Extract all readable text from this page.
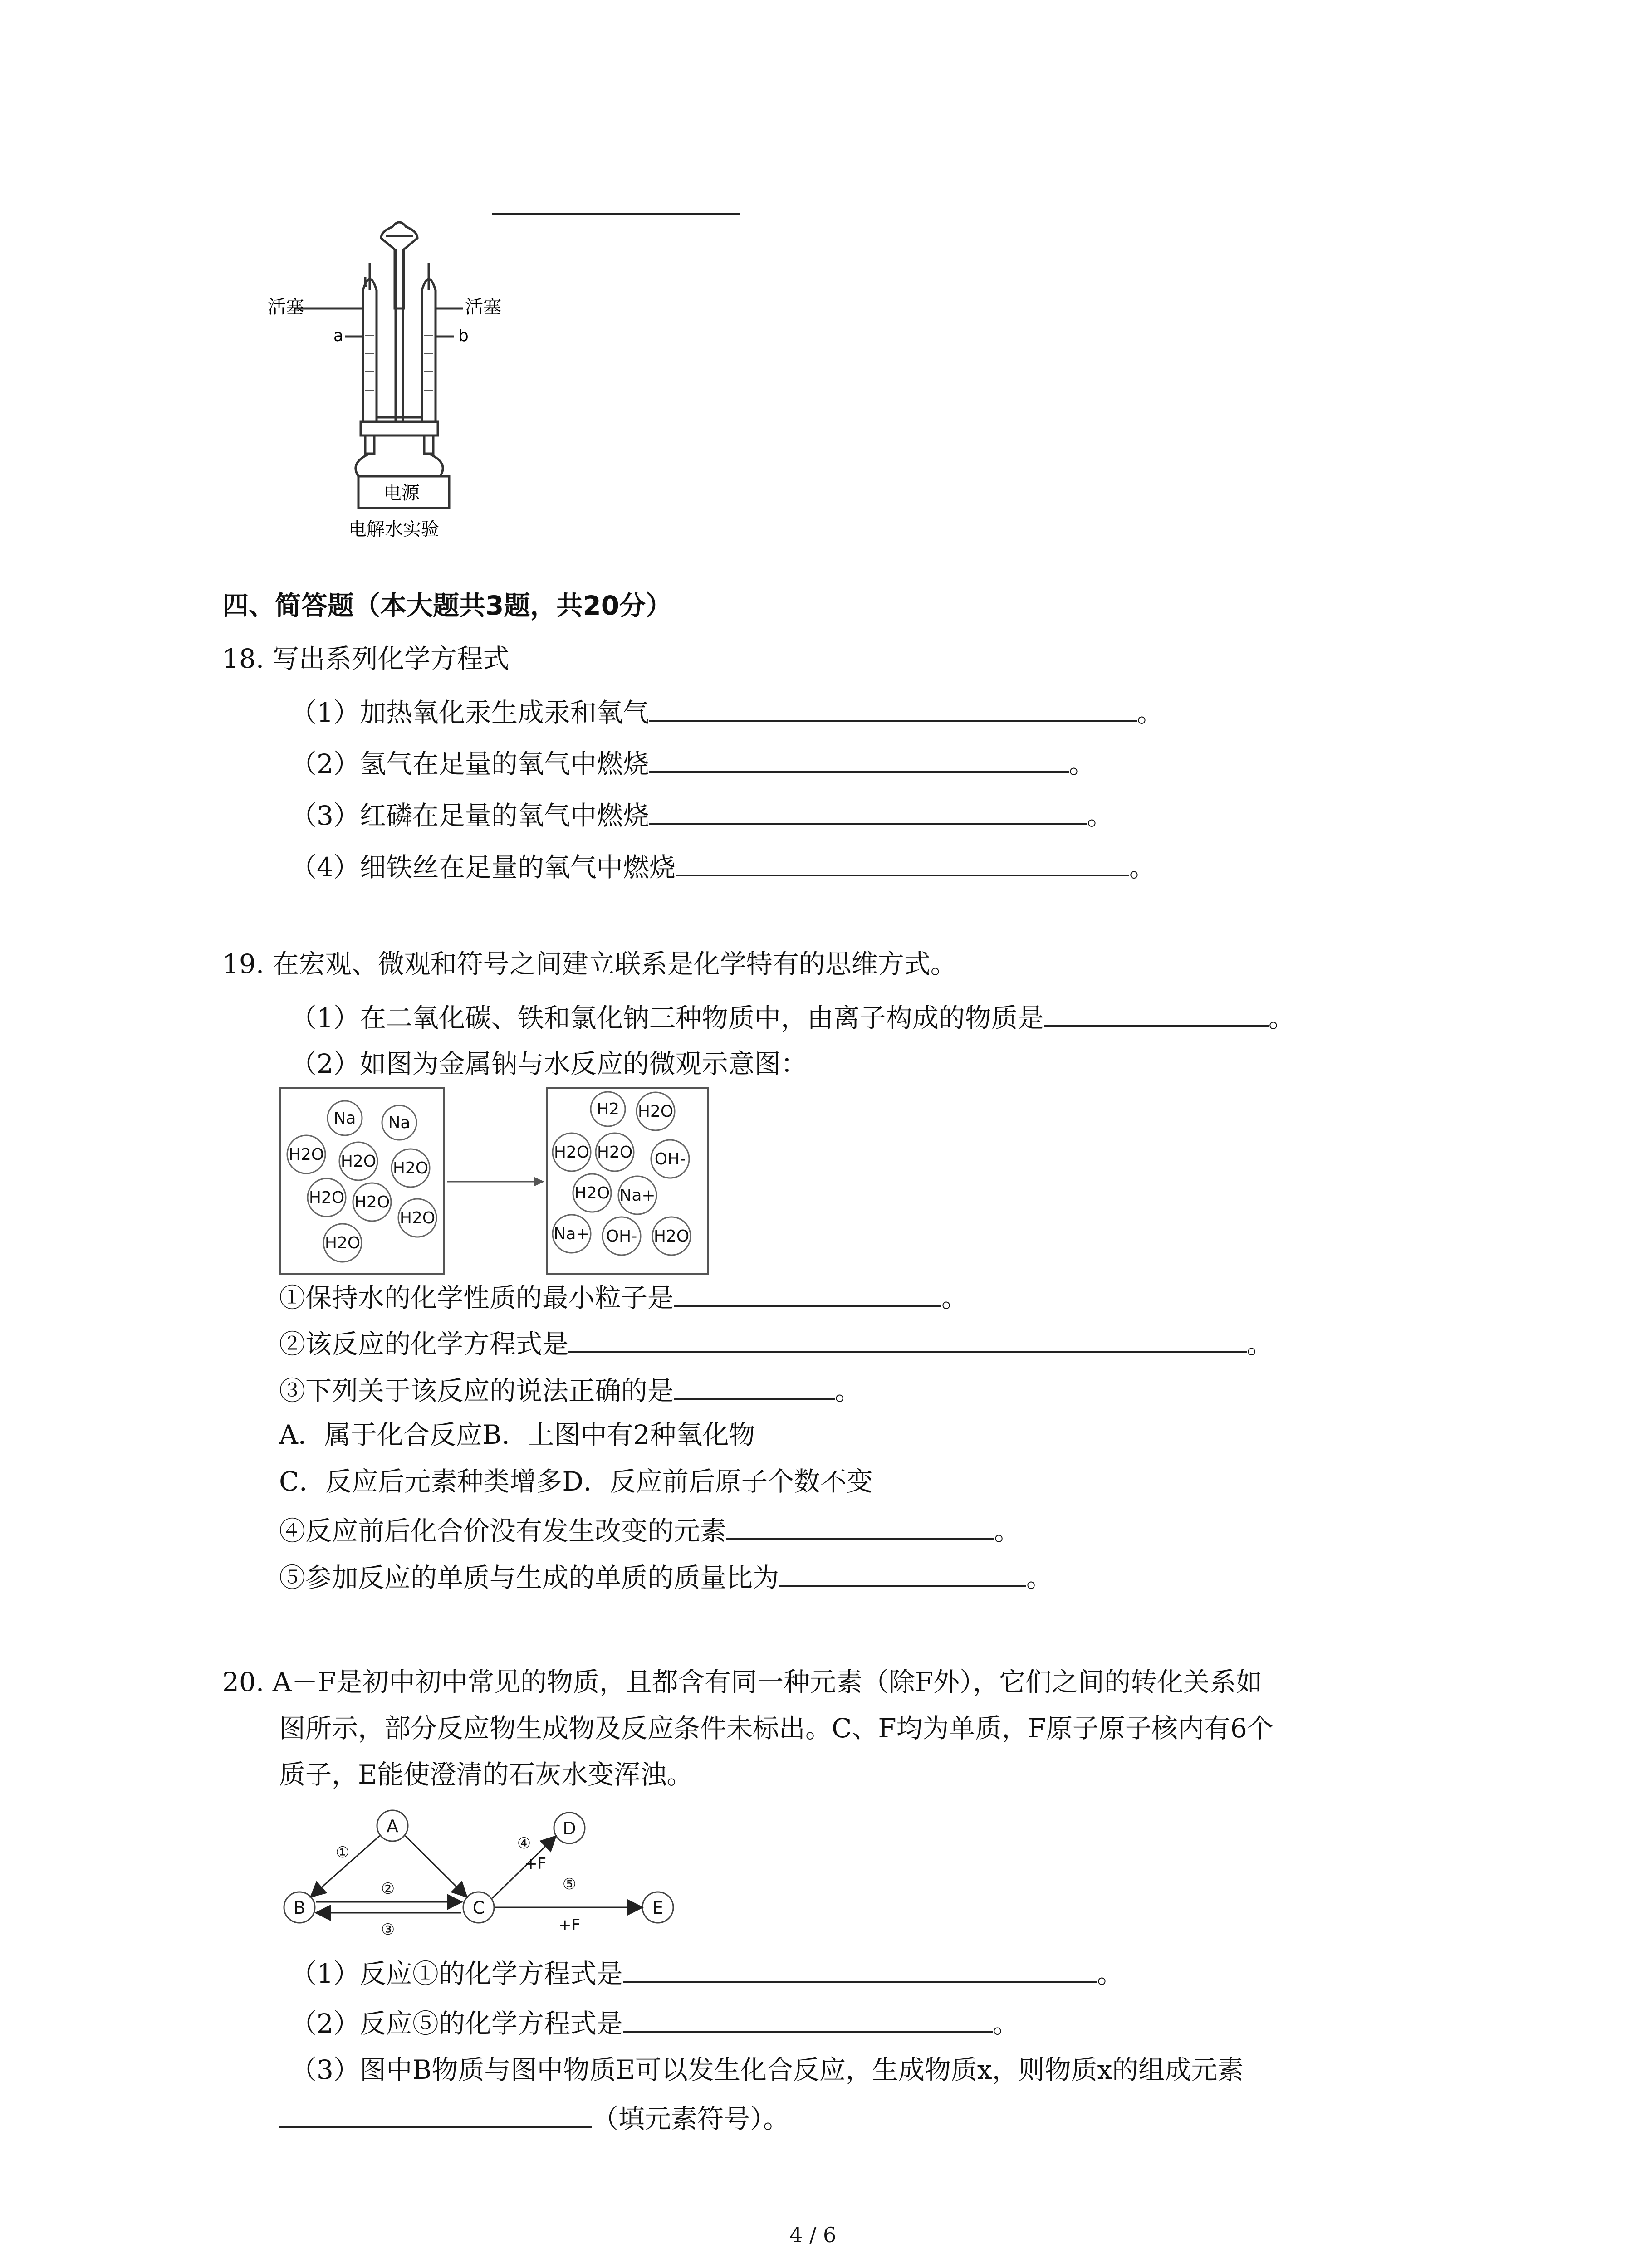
活塞	活塞
a	b
电源
电解水实验
四、简答题（本大题共3题，共20分）
18. 写出系列化学方程式
（1）加热氧化汞生成汞和氧气	。
（2）氢气在足量的氧气中燃烧	。
（3）红磷在足量的氧气中燃烧	。
（4）细铁丝在足量的氧气中燃烧	。
19. 在宏观、微观和符号之间建立联系是化学特有的思维方式。
（1）在二氧化碳、铁和氯化钠三种物质中，由离子构成的物质是	。
（2）如图为金属钠与水反应的微观示意图：
Na Na
H2O H2O H2O
H2O H2O
H2O
H2O
H2 H2O
H2O H2O OH-
H2O Na+
Na+ OH- H2O
①保持水的化学性质的最小粒子是	。
②该反应的化学方程式是	。
③下列关于该反应的说法正确的是	。
A．属于化合反应B．上图中有2种氧化物
C．反应后元素种类增多D．反应前后原子个数不变
④反应前后化合价没有发生改变的元素	。
⑤参加反应的单质与生成的单质的质量比为	。
20. A－F是初中初中常见的物质，且都含有同一种元素（除F外），它们之间的转化关系如
图所示，部分反应物生成物及反应条件未标出。C、F均为单质，F原子原子核内有6个
质子，E能使澄清的石灰水变浑浊。
A
B	C
D
E
①
②
③
④
⑤
+F
+F
（1）反应①的化学方程式是	。
（2）反应⑤的化学方程式是	。
（3）图中B物质与图中物质E可以发生化合反应，生成物质x，则物质x的组成元素
（填元素符号）。
4 / 6
